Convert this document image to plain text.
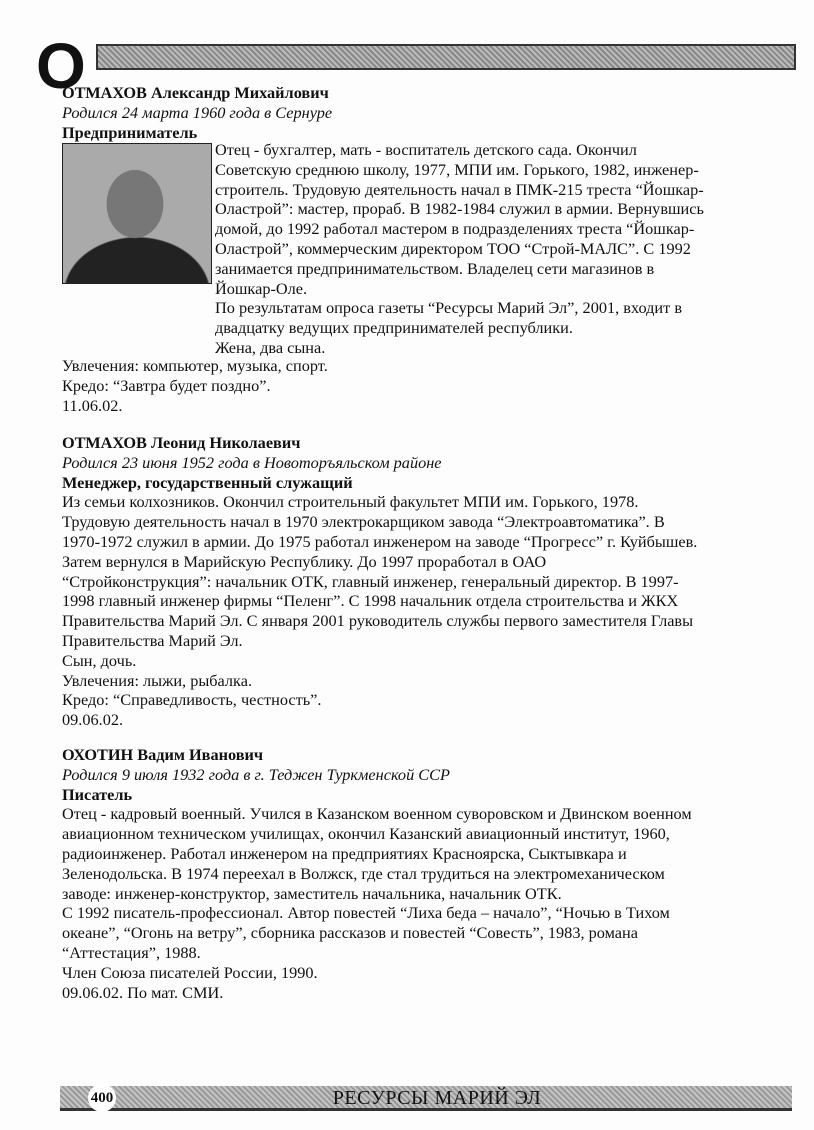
О
ОТМАХОВ Александр Михайлович
Родился 24 марта 1960 года в Сернуре
Предприниматель
Отец - бухгалтер, мать - воспитатель детского сада. Окончил
Советскую среднюю школу, 1977, МПИ им. Горького, 1982, инженер-
строитель. Трудовую деятельность начал в ПМК-215 треста “Йошкар-
Оластрой”: мастер, прораб. В 1982-1984 служил в армии. Вернувшись
домой, до 1992 работал мастером в подразделениях треста “Йошкар-
Оластрой”, коммерческим директором ТОО “Строй-МАЛС”. С 1992
занимается предпринимательством. Владелец сети магазинов в
Йошкар-Оле.
По результатам опроса газеты “Ресурсы Марий Эл”, 2001, входит в
двадцатку ведущих предпринимателей республики.
Жена, два сына.
Увлечения: компьютер, музыка, спорт.
Кредо: “Завтра будет поздно”.
11.06.02.
ОТМАХОВ Леонид Николаевич
Родился 23 июня 1952 года в Новоторъяльском районе
Менеджер, государственный служащий
Из семьи колхозников. Окончил строительный факультет МПИ им. Горького, 1978.
Трудовую деятельность начал в 1970 электрокарщиком завода “Электроавтоматика”. В
1970-1972 служил в армии. До 1975 работал инженером на заводе “Прогресс” г. Куйбышев.
Затем вернулся в Марийскую Республику. До 1997 проработал в ОАО
“Стройконструкция”: начальник ОТК, главный инженер, генеральный директор. В 1997-
1998 главный инженер фирмы “Пеленг”. С 1998 начальник отдела строительства и ЖКХ
Правительства Марий Эл. С января 2001 руководитель службы первого заместителя Главы
Правительства Марий Эл.
Сын, дочь.
Увлечения: лыжи, рыбалка.
Кредо: “Справедливость, честность”.
09.06.02.
ОХОТИН Вадим Иванович
Родился 9 июля 1932 года в г. Теджен Туркменской ССР
Писатель
Отец - кадровый военный. Учился в Казанском военном суворовском и Двинском военном
авиационном техническом училищах, окончил Казанский авиационный институт, 1960,
радиоинженер. Работал инженером на предприятиях Красноярска, Сыктывкара и
Зеленодольска. В 1974 переехал в Волжск, где стал трудиться на электромеханическом
заводе: инженер-конструктор, заместитель начальника, начальник ОТК.
С 1992 писатель-профессионал. Автор повестей “Лиха беда – начало”, “Ночью в Тихом
океане”, “Огонь на ветру”, сборника рассказов и повестей “Совесть”, 1983, романа
“Аттестация”, 1988.
Член Союза писателей России, 1990.
09.06.02. По мат. СМИ.
400	РЕСУРСЫ МАРИЙ ЭЛ
